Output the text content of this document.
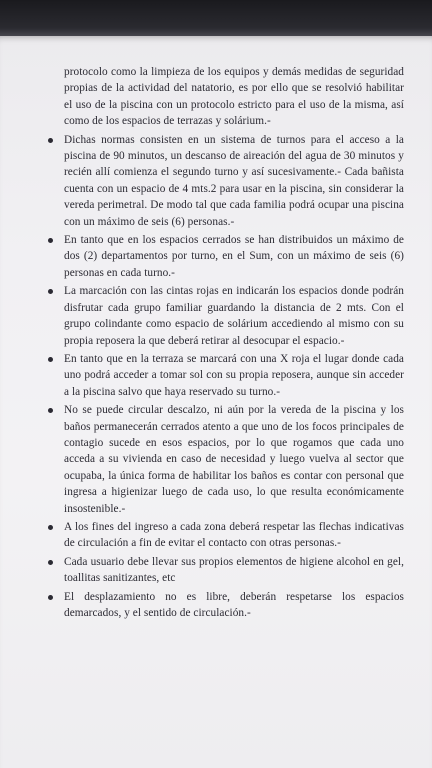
protocolo como la limpieza de los equipos y demás medidas de seguridad propias de la actividad del natatorio, es por ello que se resolvió habilitar el uso de la piscina con un protocolo estricto para el uso de la misma, así como de los espacios de terrazas y solárium.-
Dichas normas consisten en un sistema de turnos para el acceso a la piscina de 90 minutos, un descanso de aireación del agua de 30 minutos y recién allí comienza el segundo turno y así sucesivamente.- Cada bañista cuenta con un espacio de 4 mts.2 para usar en la piscina, sin considerar la vereda perimetral. De modo tal que cada familia podrá ocupar una piscina con un máximo de seis (6) personas.-
En tanto que en los espacios cerrados se han distribuidos un máximo de dos (2) departamentos por turno, en el Sum, con un máximo de seis (6) personas en cada turno.-
La marcación con las cintas rojas en indicarán los espacios donde podrán disfrutar cada grupo familiar guardando la distancia de 2 mts. Con el grupo colindante como espacio de solárium accediendo al mismo con su propia reposera la que deberá retirar al desocupar el espacio.-
En tanto que en la terraza se marcará con una X roja el lugar donde cada uno podrá acceder a tomar sol con su propia reposera, aunque sin acceder a la piscina salvo que haya reservado su turno.-
No se puede circular descalzo, ni aún por la vereda de la piscina y los baños permanecerán cerrados atento a que uno de los focos principales de contagio sucede en esos espacios, por lo que rogamos que cada uno acceda a su vivienda en caso de necesidad y luego vuelva al sector que ocupaba, la única forma de habilitar los baños es contar con personal que ingresa a higienizar luego de cada uso, lo que resulta económicamente insostenible.-
A los fines del ingreso a cada zona deberá respetar las flechas indicativas de circulación a fin de evitar el contacto con otras personas.-
Cada usuario debe llevar sus propios elementos de higiene alcohol en gel, toallitas sanitizantes, etc
El desplazamiento no es libre, deberán respetarse los espacios demarcados, y el sentido de circulación.-
